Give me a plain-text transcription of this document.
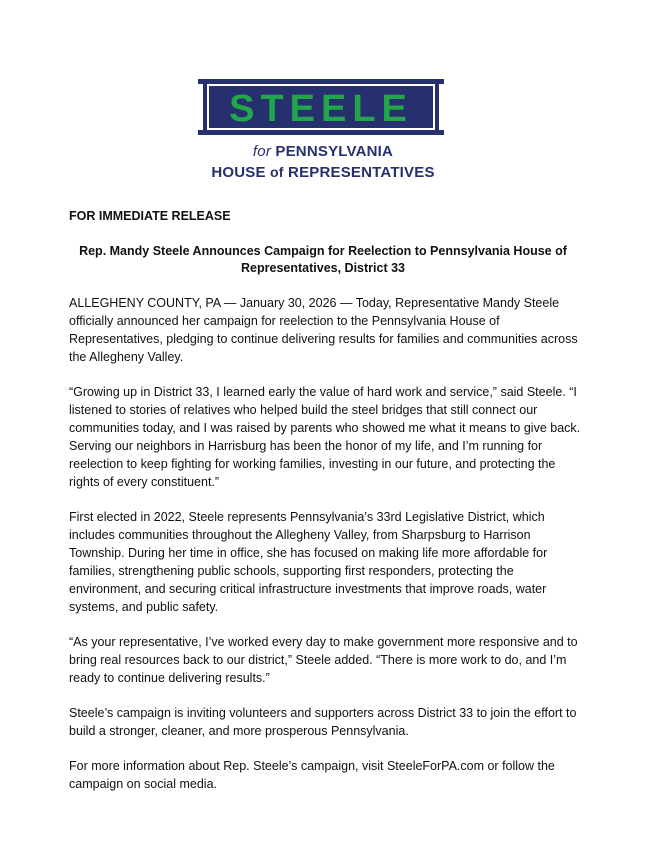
STEELE
for PENNSYLVANIA
HOUSE of REPRESENTATIVES

FOR IMMEDIATE RELEASE

Rep. Mandy Steele Announces Campaign for Reelection to Pennsylvania House of Representatives, District 33

ALLEGHENY COUNTY, PA — January 30, 2026 — Today, Representative Mandy Steele officially announced her campaign for reelection to the Pennsylvania House of Representatives, pledging to continue delivering results for families and communities across the Allegheny Valley.

“Growing up in District 33, I learned early the value of hard work and service,” said Steele. “I listened to stories of relatives who helped build the steel bridges that still connect our communities today, and I was raised by parents who showed me what it means to give back. Serving our neighbors in Harrisburg has been the honor of my life, and I’m running for reelection to keep fighting for working families, investing in our future, and protecting the rights of every constituent.”

First elected in 2022, Steele represents Pennsylvania’s 33rd Legislative District, which includes communities throughout the Allegheny Valley, from Sharpsburg to Harrison Township. During her time in office, she has focused on making life more affordable for families, strengthening public schools, supporting first responders, protecting the environment, and securing critical infrastructure investments that improve roads, water systems, and public safety.

“As your representative, I’ve worked every day to make government more responsive and to bring real resources back to our district,” Steele added. “There is more work to do, and I’m ready to continue delivering results.”

Steele’s campaign is inviting volunteers and supporters across District 33 to join the effort to build a stronger, cleaner, and more prosperous Pennsylvania.

For more information about Rep. Steele’s campaign, visit SteeleForPA.com or follow the campaign on social media.
